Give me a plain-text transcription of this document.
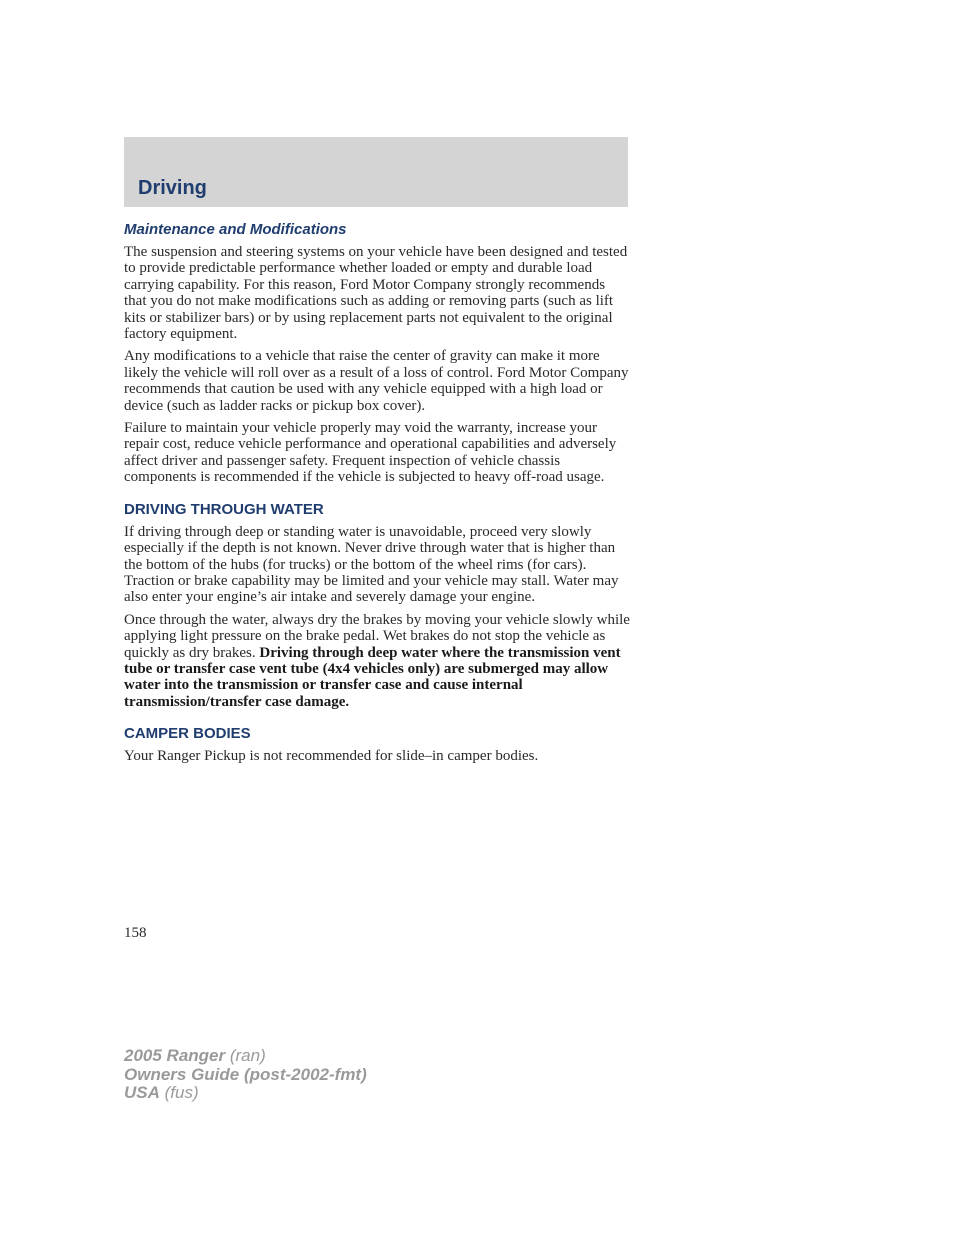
Driving
Maintenance and Modifications

The suspension and steering systems on your vehicle have been designed and tested to provide predictable performance whether loaded or empty and durable load carrying capability. For this reason, Ford Motor Company strongly recommends that you do not make modifications such as adding or removing parts (such as lift kits or stabilizer bars) or by using replacement parts not equivalent to the original factory equipment.

Any modifications to a vehicle that raise the center of gravity can make it more likely the vehicle will roll over as a result of a loss of control. Ford Motor Company recommends that caution be used with any vehicle equipped with a high load or device (such as ladder racks or pickup box cover).

Failure to maintain your vehicle properly may void the warranty, increase your repair cost, reduce vehicle performance and operational capabilities and adversely affect driver and passenger safety. Frequent inspection of vehicle chassis components is recommended if the vehicle is subjected to heavy off-road usage.

DRIVING THROUGH WATER

If driving through deep or standing water is unavoidable, proceed very slowly especially if the depth is not known. Never drive through water that is higher than the bottom of the hubs (for trucks) or the bottom of the wheel rims (for cars). Traction or brake capability may be limited and your vehicle may stall. Water may also enter your engine’s air intake and severely damage your engine.

Once through the water, always dry the brakes by moving your vehicle slowly while applying light pressure on the brake pedal. Wet brakes do not stop the vehicle as quickly as dry brakes. Driving through deep water where the transmission vent tube or transfer case vent tube (4x4 vehicles only) are submerged may allow water into the transmission or transfer case and cause internal transmission/transfer case damage.

CAMPER BODIES

Your Ranger Pickup is not recommended for slide–in camper bodies.

158
2005 Ranger (ran)
Owners Guide (post-2002-fmt)
USA (fus)
